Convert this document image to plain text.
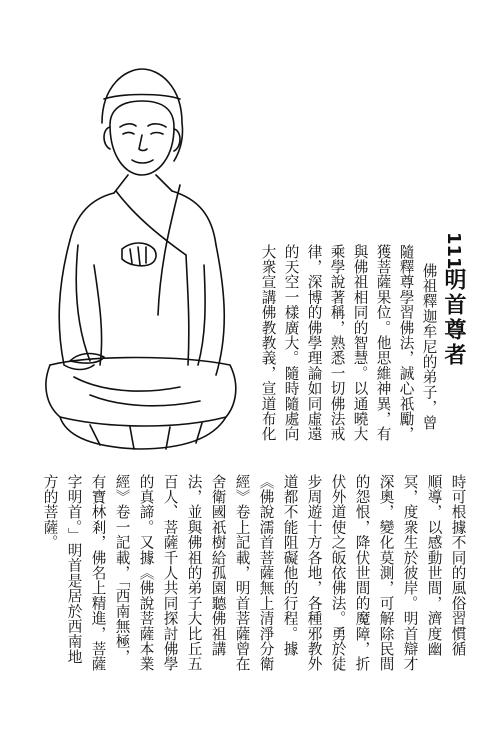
111
明首尊者
佛祖釋迦牟尼的弟子，曾
隨釋尊學習佛法，誠心祇勵，
獲菩薩果位。他思維神異，有
與佛祖相同的智慧。以通曉大
乘學說著稱，熟悉一切佛法戒
律，深博的佛學理論如同虛遠
的天空一樣廣大。隨時隨處向
大衆宣講佛教教義，宣道布化
時可根據不同的風俗習慣循
順導，以感動世間，濟度幽
冥，度衆生於彼岸。明首辯才
深奧，變化莫測，可解除民間
的怨恨，降伏世間的魔障，折
伏外道使之皈依佛法。勇於徒
步周遊十方各地，各種邪教外
道都不能阻礙他的行程。據
《佛說濡首菩薩無上清淨分衛
經》卷上記載，明首菩薩曾在
舍衛國祇樹給孤園聽佛祖講
法，並與佛祖的弟子大比丘五
百人、菩薩千人共同探討佛學
的真諦。又據《佛說菩薩本業
經》卷一記載，「西南無極，
有寶林剎，佛名上精進，菩薩
字明首。」明首是居於西南地
方的菩薩。
